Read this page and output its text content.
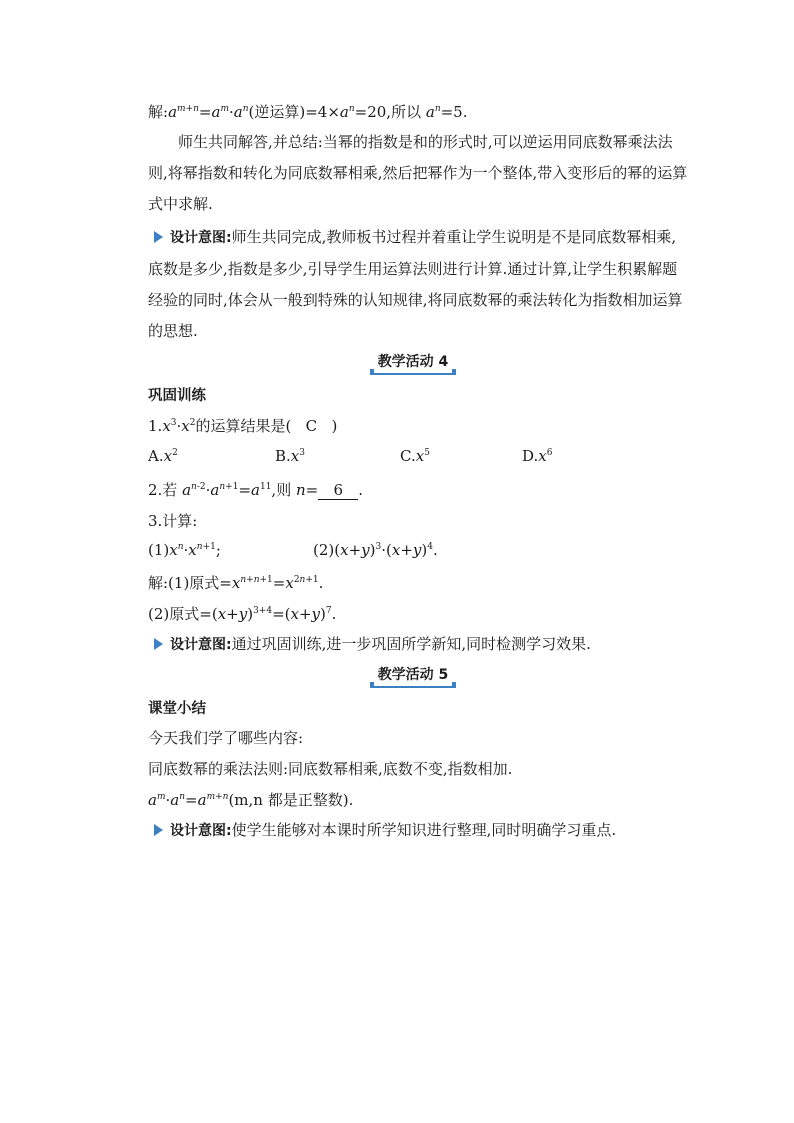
解$:a^{m+n}=a^m\cdot a^n$(逆运算)$=4\times a^n=20$,所以 $a^n=5$.
师生共同解答,并总结:当幂的指数是和的形式时,可以逆运用同底数幂乘法法则,将幂指数和转化为同底数幂相乘,然后把幂作为一个整体,带入变形后的幂的运算式中求解.
设计意图:师生共同完成,教师板书过程并着重让学生说明是不是同底数幂相乘,底数是多少,指数是多少,引导学生用运算法则进行计算.通过计算,让学生积累解题经验的同时,体会从一般到特殊的认知规律,将同底数幂的乘法转化为指数相加运算的思想.
教学活动 4
巩固训练
$1.x^3\cdot x^2$的运算结果是( C )
$A.x^2$	$B.x^3$	$C.x^5$	$D.x^6$
2.若 $a^{n-2}\cdot a^{n+1}=a^{11}$,则 n= 6 .
3.计算:
$(1)x^n\cdot x^{n+1}$;	$(2)(x+y)^3\cdot(x+y)^4$.
解:(1)原式$=x^{n+n+1}=x^{2n+1}$.
(2)原式$=(x+y)^{3+4}=(x+y)^7$.
设计意图:通过巩固训练,进一步巩固所学新知,同时检测学习效果.
教学活动 5
课堂小结
今天我们学了哪些内容:
同底数幂的乘法法则:同底数幂相乘,底数不变,指数相加.
$a^m\cdot a^n=a^{m+n}(m,n$ 都是正整数).
设计意图:使学生能够对本课时所学知识进行整理,同时明确学习重点.
